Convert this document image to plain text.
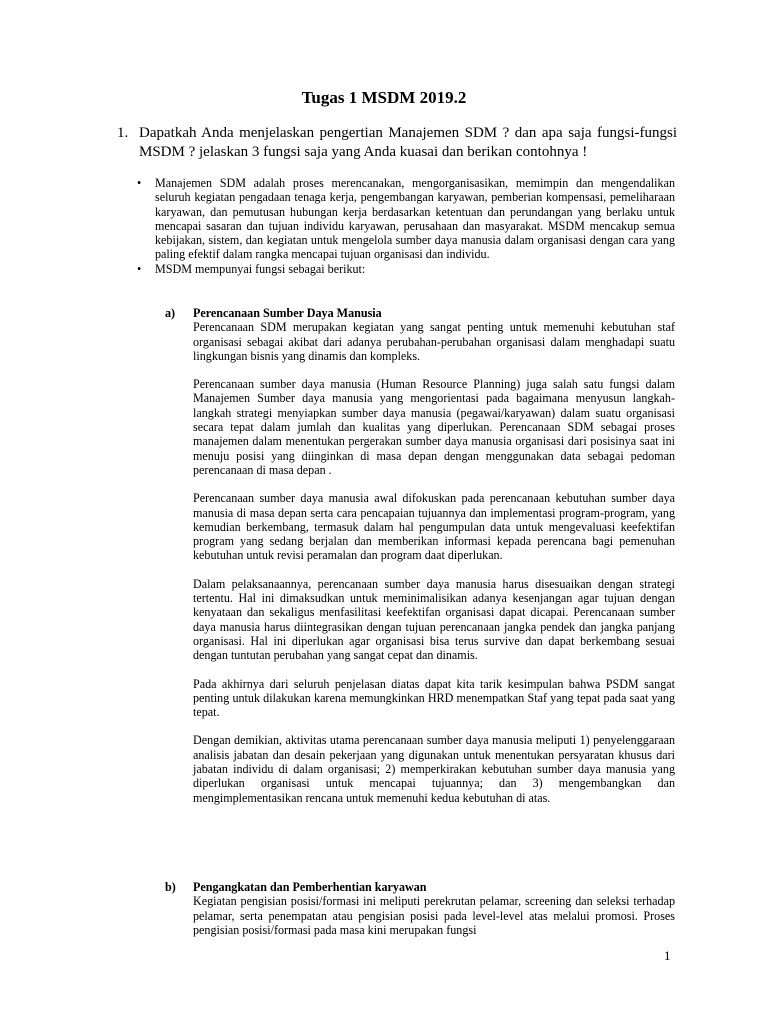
Tugas 1 MSDM 2019.2
1. Dapatkah Anda menjelaskan pengertian Manajemen SDM ? dan apa saja fungsi-fungsi MSDM ? jelaskan 3 fungsi saja yang Anda kuasai dan berikan contohnya !
• Manajemen SDM adalah proses merencanakan, mengorganisasikan, memimpin dan mengendalikan seluruh kegiatan pengadaan tenaga kerja, pengembangan karyawan, pemberian kompensasi, pemeliharaan karyawan, dan pemutusan hubungan kerja berdasarkan ketentuan dan perundangan yang berlaku untuk mencapai sasaran dan tujuan individu karyawan, perusahaan dan masyarakat. MSDM mencakup semua kebijakan, sistem, dan kegiatan untuk mengelola sumber daya manusia dalam organisasi dengan cara yang paling efektif dalam rangka mencapai tujuan organisasi dan individu.
• MSDM mempunyai fungsi sebagai berikut:
a) Perencanaan Sumber Daya Manusia
Perencanaan SDM merupakan kegiatan yang sangat penting untuk memenuhi kebutuhan staf organisasi sebagai akibat dari adanya perubahan-perubahan organisasi dalam menghadapi suatu lingkungan bisnis yang dinamis dan kompleks.
Perencanaan sumber daya manusia (Human Resource Planning) juga salah satu fungsi dalam Manajemen Sumber daya manusia yang mengorientasi pada bagaimana menyusun langkah-langkah strategi menyiapkan sumber daya manusia (pegawai/karyawan) dalam suatu organisasi secara tepat dalam jumlah dan kualitas yang diperlukan. Perencanaan SDM sebagai proses manajemen dalam menentukan pergerakan sumber daya manusia organisasi dari posisinya saat ini menuju posisi yang diinginkan di masa depan dengan menggunakan data sebagai pedoman perencanaan di masa depan .
Perencanaan sumber daya manusia awal difokuskan pada perencanaan kebutuhan sumber daya manusia di masa depan serta cara pencapaian tujuannya dan implementasi program-program, yang kemudian berkembang, termasuk dalam hal pengumpulan data untuk mengevaluasi keefektifan program yang sedang berjalan dan memberikan informasi kepada perencana bagi pemenuhan kebutuhan untuk revisi peramalan dan program daat diperlukan.
Dalam pelaksanaannya, perencanaan sumber daya manusia harus disesuaikan dengan strategi tertentu. Hal ini dimaksudkan untuk meminimalisikan adanya kesenjangan agar tujuan dengan kenyataan dan sekaligus menfasilitasi keefektifan organisasi dapat dicapai. Perencanaan sumber daya manusia harus diintegrasikan dengan tujuan perencanaan jangka pendek dan jangka panjang organisasi. Hal ini diperlukan agar organisasi bisa terus survive dan dapat berkembang sesuai dengan tuntutan perubahan yang sangat cepat dan dinamis.
Pada akhirnya dari seluruh penjelasan diatas dapat kita tarik kesimpulan bahwa PSDM sangat penting untuk dilakukan karena memungkinkan HRD menempatkan Staf yang tepat pada saat yang tepat.
Dengan demikian, aktivitas utama perencanaan sumber daya manusia meliputi 1) penyelenggaraan analisis jabatan dan desain pekerjaan yang digunakan untuk menentukan persyaratan khusus dari jabatan individu di dalam organisasi; 2) memperkirakan kebutuhan sumber daya manusia yang diperlukan organisasi untuk mencapai tujuannya; dan 3) mengembangkan dan mengimplementasikan rencana untuk memenuhi kedua kebutuhan di atas.
b) Pengangkatan dan Pemberhentian karyawan
Kegiatan pengisian posisi/formasi ini meliputi perekrutan pelamar, screening dan seleksi terhadap pelamar, serta penempatan atau pengisian posisi pada level-level atas melalui promosi. Proses pengisian posisi/formasi pada masa kini merupakan fungsi
1
